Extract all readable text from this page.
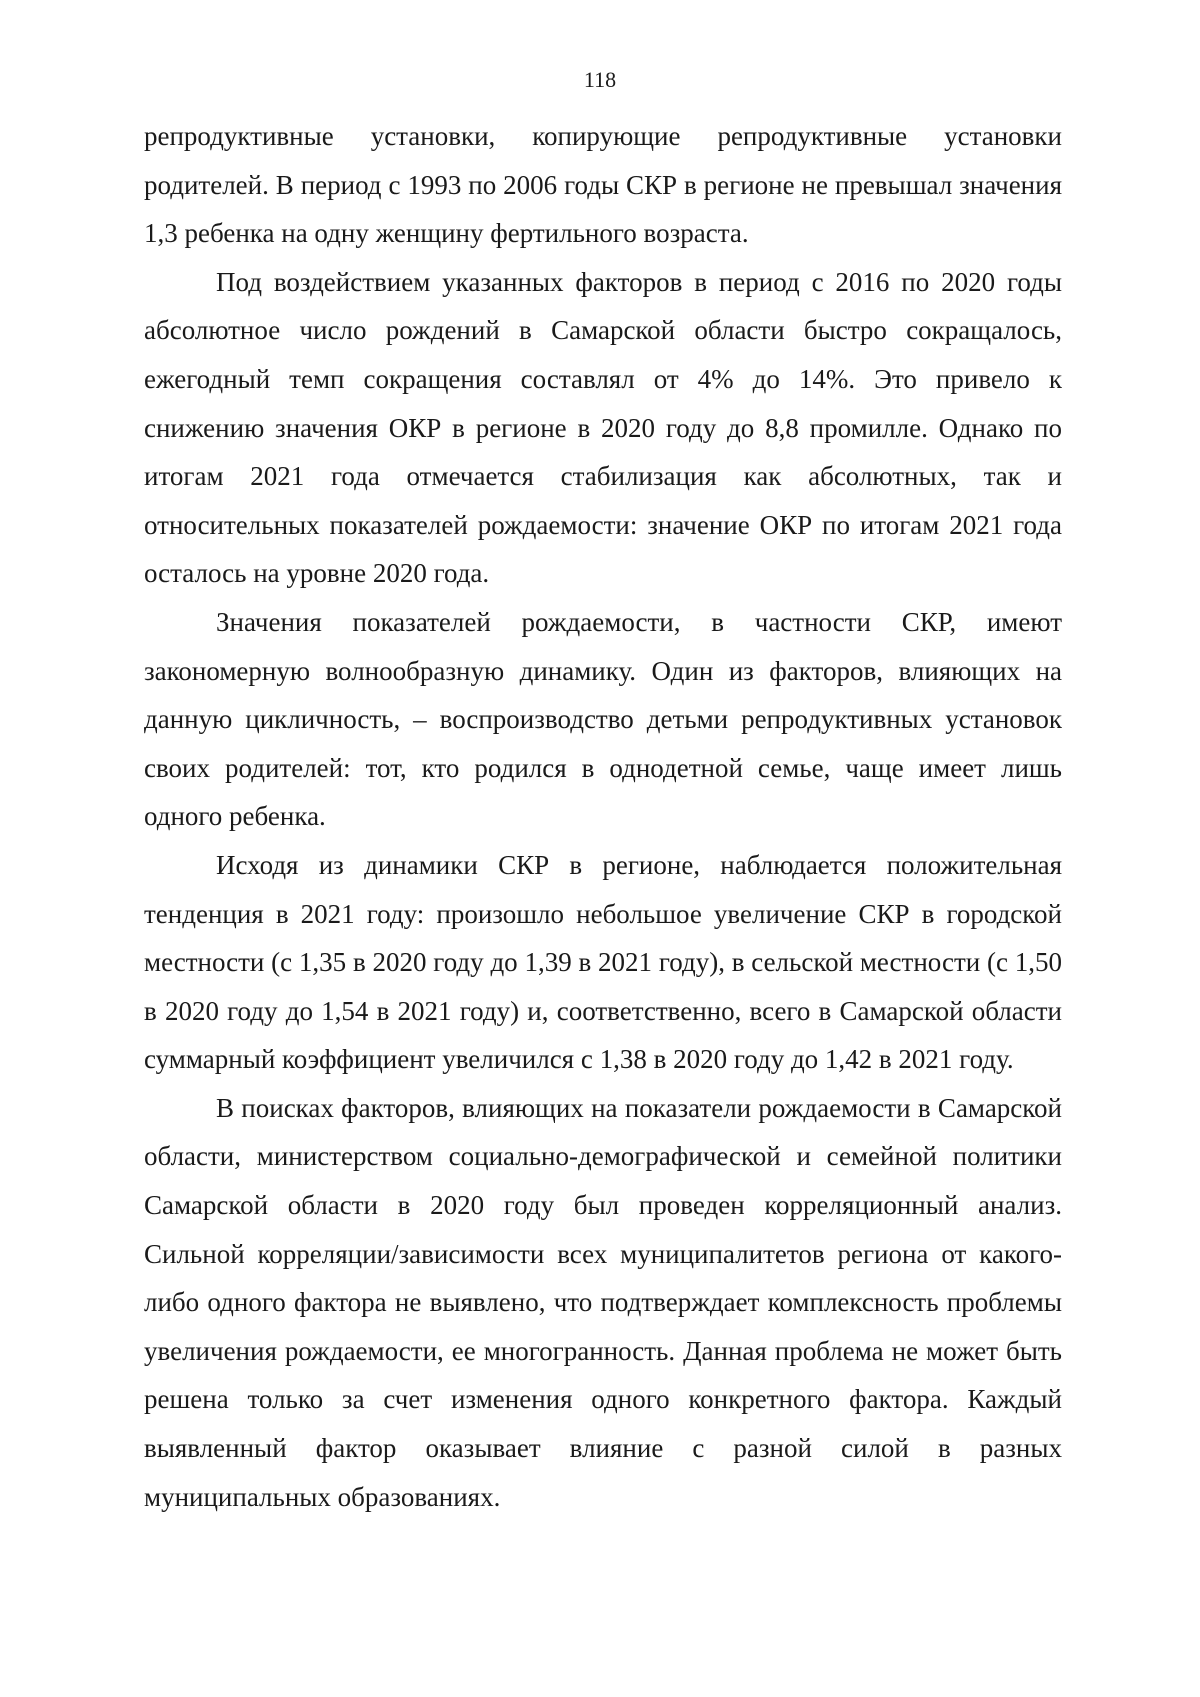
118

репродуктивные установки, копирующие репродуктивные установки родителей. В период с 1993 по 2006 годы СКР в регионе не превышал значения 1,3 ребенка на одну женщину фертильного возраста.

Под воздействием указанных факторов в период с 2016 по 2020 годы абсолютное число рождений в Самарской области быстро сокращалось, ежегодный темп сокращения составлял от 4% до 14%. Это привело к снижению значения ОКР в регионе в 2020 году до 8,8 промилле. Однако по итогам 2021 года отмечается стабилизация как абсолютных, так и относительных показателей рождаемости: значение ОКР по итогам 2021 года осталось на уровне 2020 года.

Значения показателей рождаемости, в частности СКР, имеют закономерную волнообразную динамику. Один из факторов, влияющих на данную цикличность, – воспроизводство детьми репродуктивных установок своих родителей: тот, кто родился в однодетной семье, чаще имеет лишь одного ребенка.

Исходя из динамики СКР в регионе, наблюдается положительная тенденция в 2021 году: произошло небольшое увеличение СКР в городской местности (с 1,35 в 2020 году до 1,39 в 2021 году), в сельской местности (с 1,50 в 2020 году до 1,54 в 2021 году) и, соответственно, всего в Самарской области суммарный коэффициент увеличился с 1,38 в 2020 году до 1,42 в 2021 году.

В поисках факторов, влияющих на показатели рождаемости в Самарской области, министерством социально-демографической и семейной политики Самарской области в 2020 году был проведен корреляционный анализ. Сильной корреляции/зависимости всех муниципалитетов региона от какого-либо одного фактора не выявлено, что подтверждает комплексность проблемы увеличения рождаемости, ее многогранность. Данная проблема не может быть решена только за счет изменения одного конкретного фактора. Каждый выявленный фактор оказывает влияние с разной силой в разных муниципальных образованиях.
